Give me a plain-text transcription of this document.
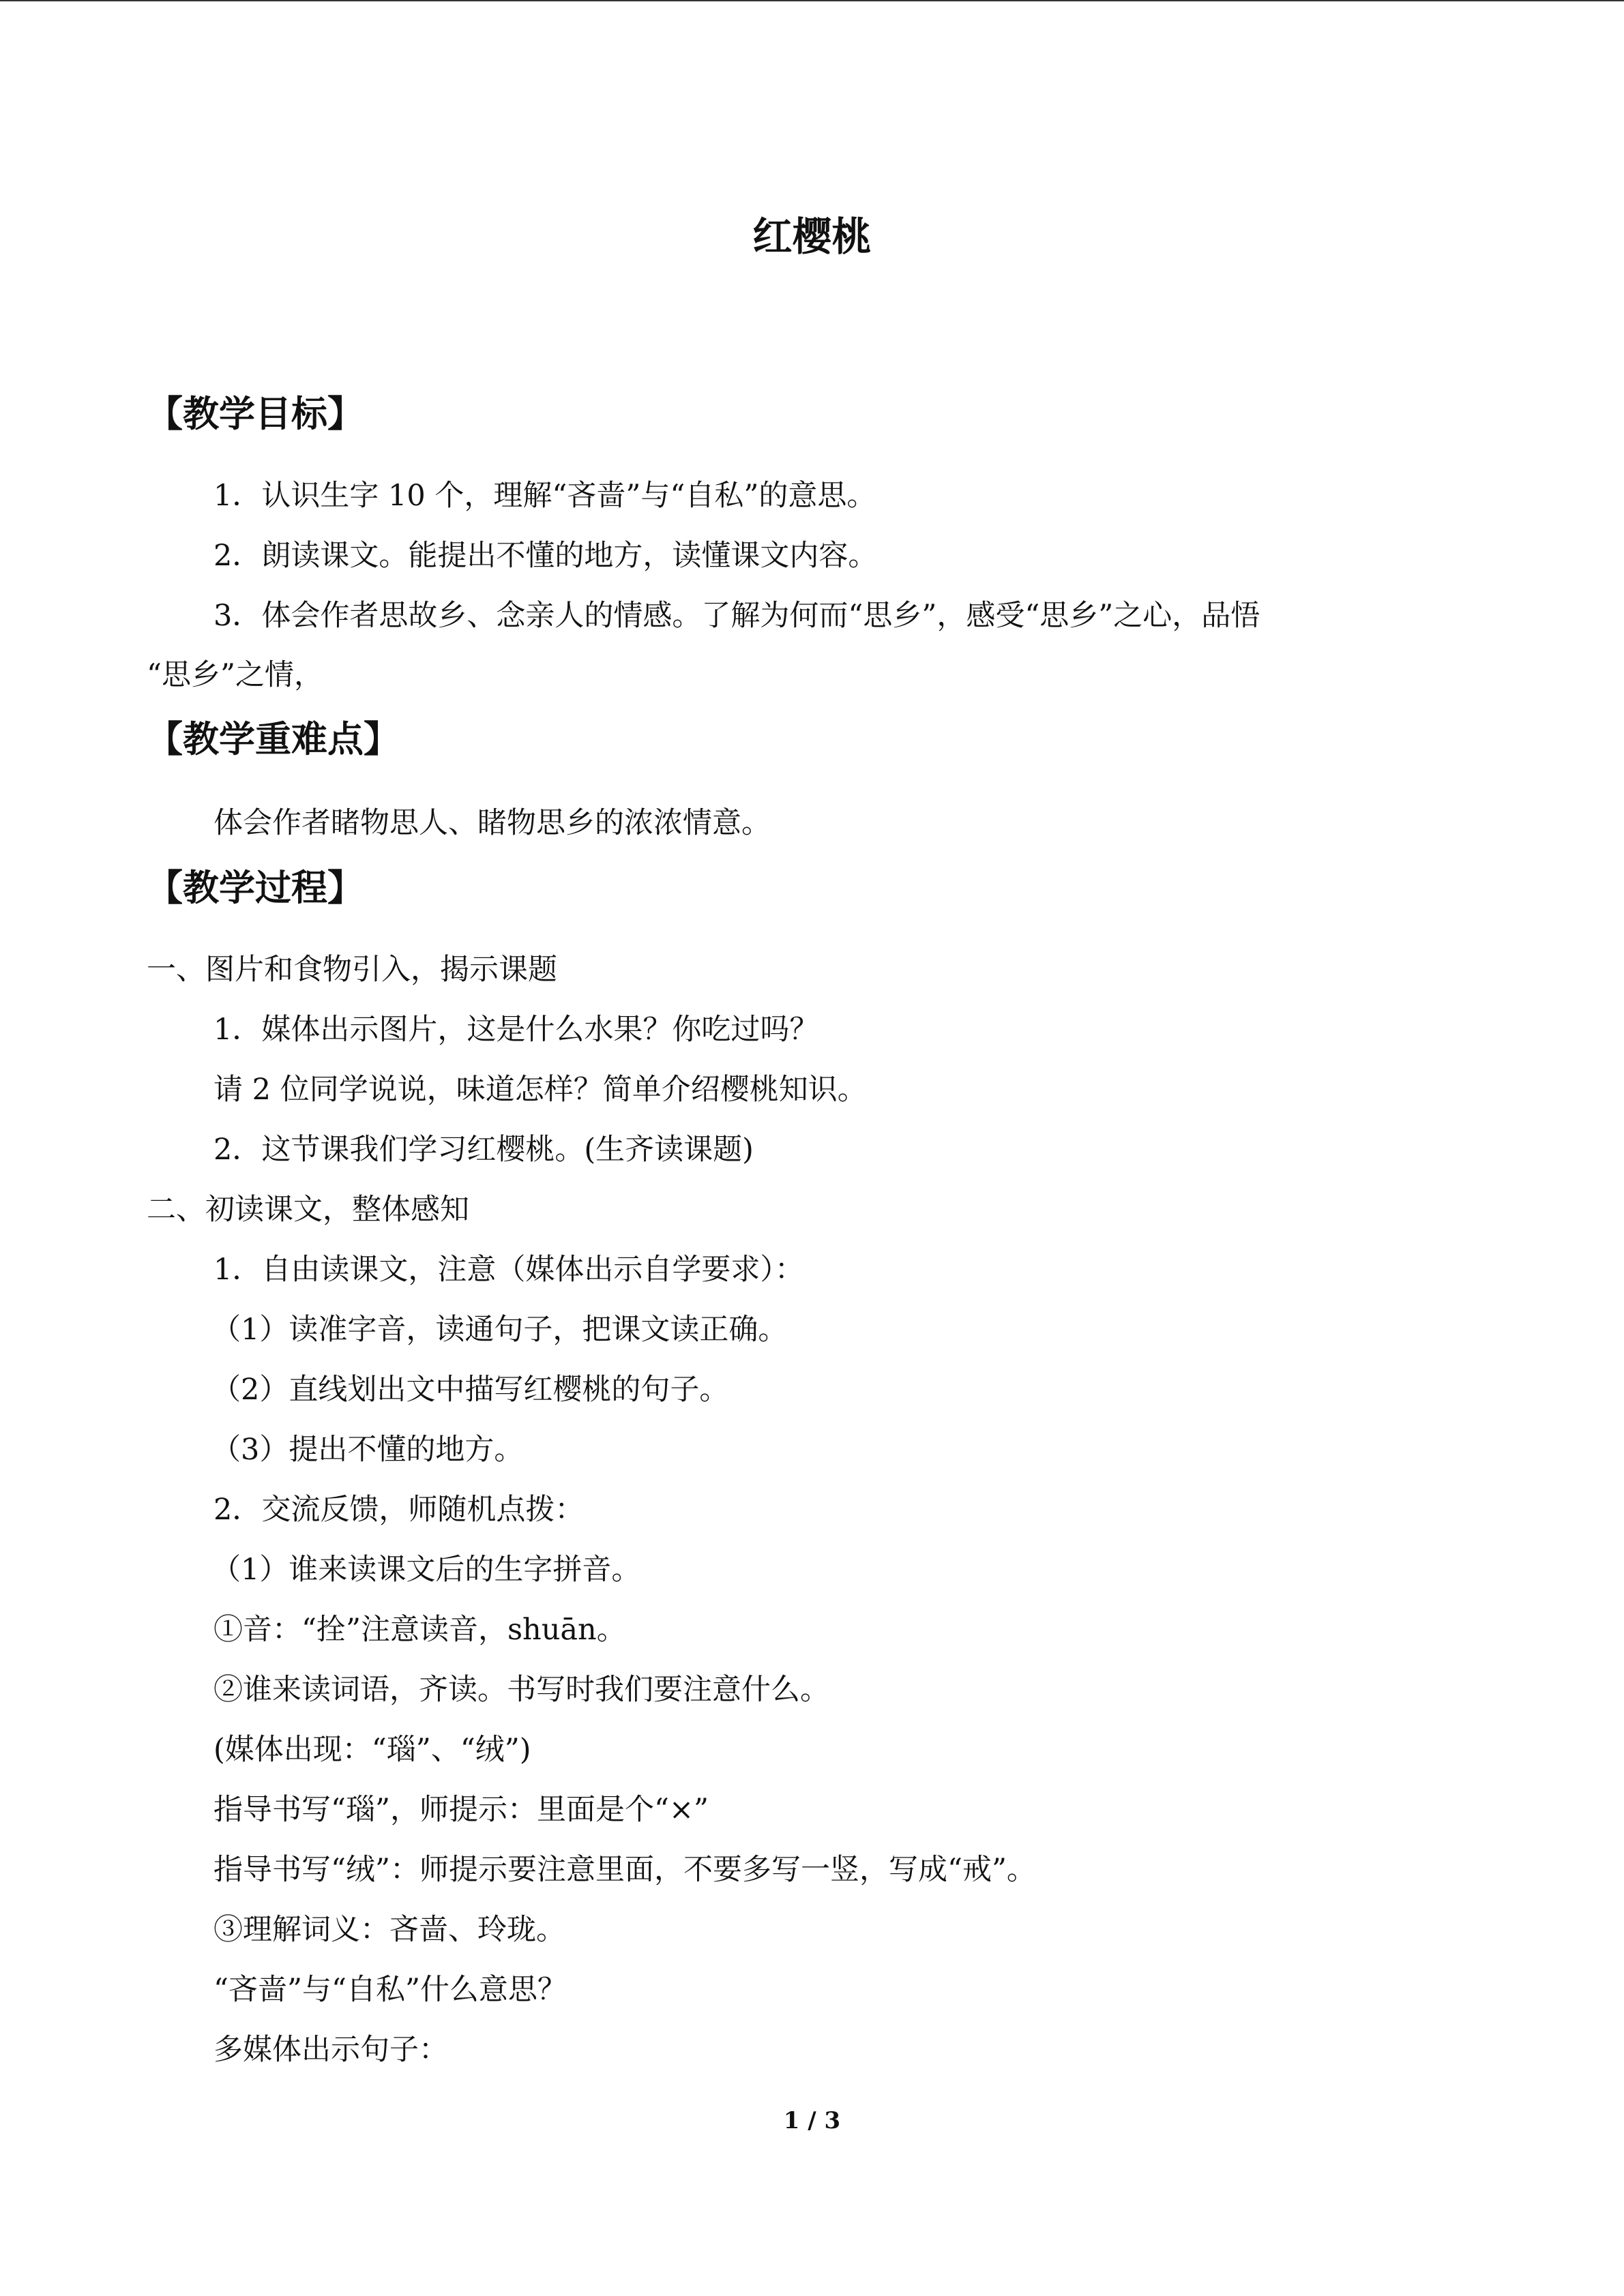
红樱桃
【教学目标】
1．认识生字 10 个，理解“吝啬”与“自私”的意思。
2．朗读课文。能提出不懂的地方，读懂课文内容。
3．体会作者思故乡、念亲人的情感。了解为何而“思乡”，感受“思乡”之心，品悟
“思乡”之情，
【教学重难点】
体会作者睹物思人、睹物思乡的浓浓情意。
【教学过程】
一、图片和食物引入，揭示课题
1．媒体出示图片，这是什么水果？你吃过吗？
请 2 位同学说说，味道怎样？简单介绍樱桃知识。
2．这节课我们学习红樱桃。(生齐读课题)
二、初读课文，整体感知
1．自由读课文，注意（媒体出示自学要求）：
（1）读准字音，读通句子，把课文读正确。
（2）直线划出文中描写红樱桃的句子。
（3）提出不懂的地方。
2．交流反馈，师随机点拨：
（1）谁来读课文后的生字拼音。
①音：“拴”注意读音，shuān。
②谁来读词语，齐读。书写时我们要注意什么。
(媒体出现：“瑙”、“绒”)
指导书写“瑙”，师提示：里面是个“×”
指导书写“绒”：师提示要注意里面，不要多写一竖，写成“戒”。
③理解词义：吝啬、玲珑。
“吝啬”与“自私”什么意思？
多媒体出示句子：
1 / 3
